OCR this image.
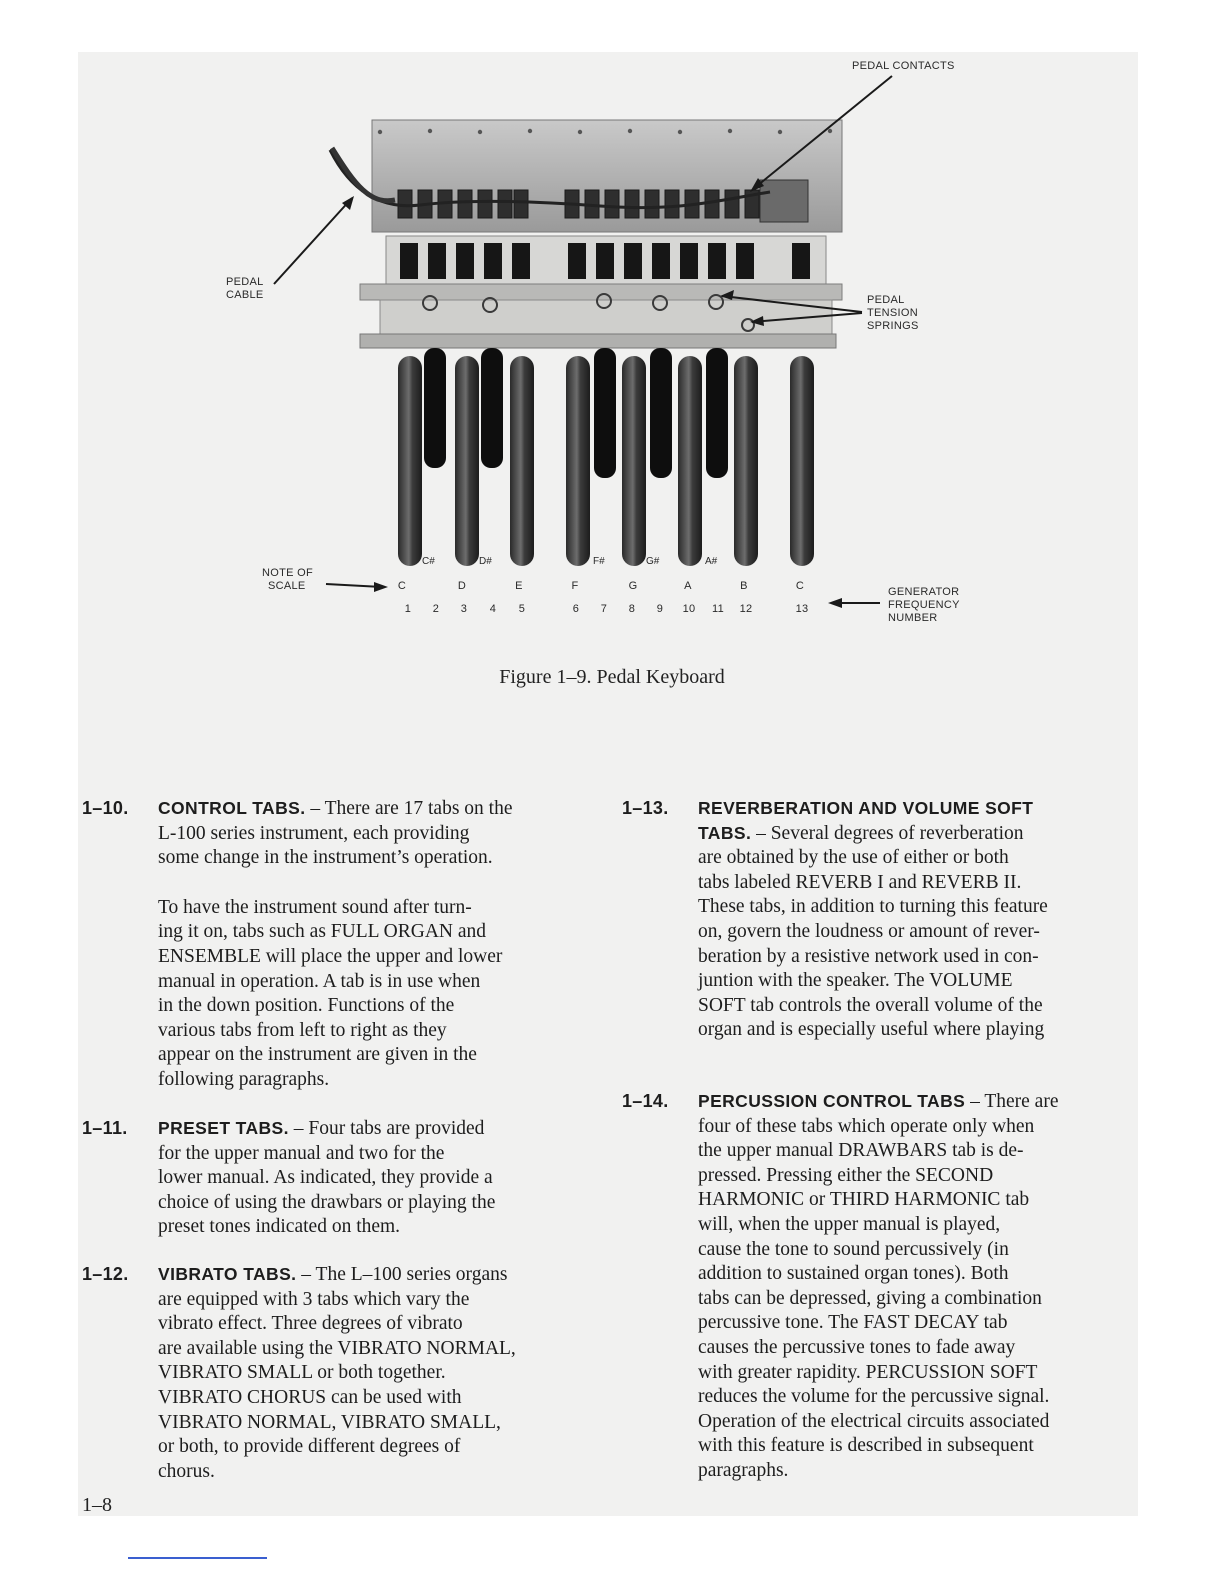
PEDAL CONTACTS
PEDAL
CABLE	PEDAL
TENSION
SPRINGS
C#	D#	F#	G#	A#
NOTE OF
SCALE	C	D	E	F	G	A	B	C
1 2 3 4 5	6 7 8 9 10 11 12	13
GENERATOR
FREQUENCY
NUMBER
Figure 1–9. Pedal Keyboard
1–10. CONTROL TABS. – There are 17 tabs on the
L-100 series instrument, each providing
some change in the instrument’s operation.
To have the instrument sound after turn-
ing it on, tabs such as FULL ORGAN and
ENSEMBLE will place the upper and lower
manual in operation. A tab is in use when
in the down position. Functions of the
various tabs from left to right as they
appear on the instrument are given in the
following paragraphs.
1–11. PRESET TABS. – Four tabs are provided
for the upper manual and two for the
lower manual. As indicated, they provide a
choice of using the drawbars or playing the
preset tones indicated on them.
1–12. VIBRATO TABS. – The L–100 series organs
are equipped with 3 tabs which vary the
vibrato effect. Three degrees of vibrato
are available using the VIBRATO NORMAL,
VIBRATO SMALL or both together.
VIBRATO CHORUS can be used with
VIBRATO NORMAL, VIBRATO SMALL,
or both, to provide different degrees of
chorus.
1–13. REVERBERATION AND VOLUME SOFT
TABS. – Several degrees of reverberation
are obtained by the use of either or both
tabs labeled REVERB I and REVERB II.
These tabs, in addition to turning this feature
on, govern the loudness or amount of rever-
beration by a resistive network used in con-
juntion with the speaker. The VOLUME
SOFT tab controls the overall volume of the
organ and is especially useful where playing
1–14. PERCUSSION CONTROL TABS – There are
four of these tabs which operate only when
the upper manual DRAWBARS tab is de-
pressed. Pressing either the SECOND
HARMONIC or THIRD HARMONIC tab
will, when the upper manual is played,
cause the tone to sound percussively (in
addition to sustained organ tones). Both
tabs can be depressed, giving a combination
percussive tone. The FAST DECAY tab
causes the percussive tones to fade away
with greater rapidity. PERCUSSION SOFT
reduces the volume for the percussive signal.
Operation of the electrical circuits associated
with this feature is described in subsequent
paragraphs.
1–8
